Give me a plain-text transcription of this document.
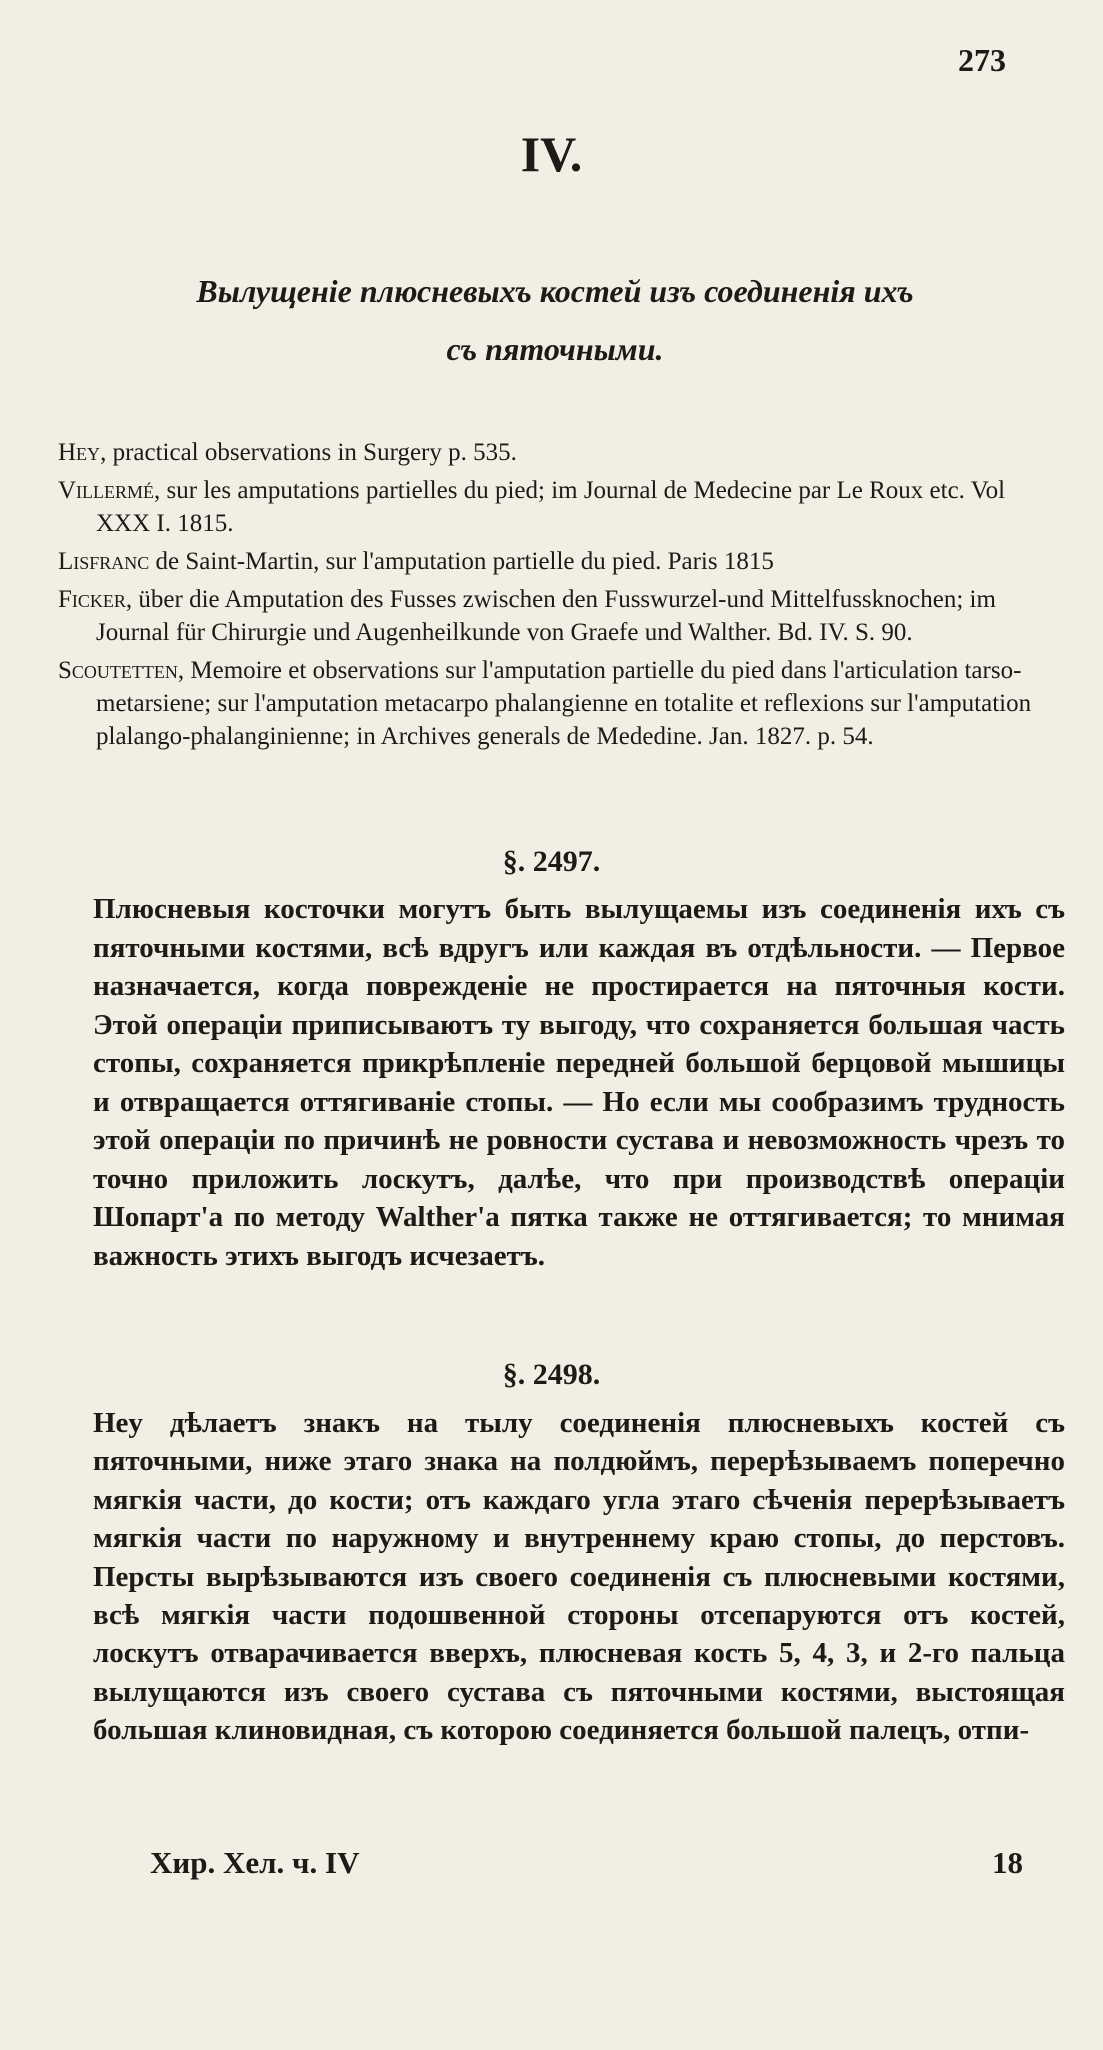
273
IV.
Вылущенiе плюсневыхъ костей изъ соединенiя ихъ
съ пяточными.
Hey, practical observations in Surgery p. 535.
Villermé, sur les amputations partielles du pied; im Journal de Medecine par Le Roux etc. Vol XXX I. 1815.
Lisfranc de Saint-Martin, sur l'amputation partielle du pied. Paris 1815
Ficker, über die Amputation des Fusses zwischen den Fusswurzel-und Mittelfussknochen; im Journal für Chirurgie und Augenheilkunde von Graefe und Walther. Bd. IV. S. 90.
Scoutetten, Memoire et observations sur l'amputation partielle du pied dans l'articulation tarso-metarsiene; sur l'amputation metacarpo phalangienne en totalite et reflexions sur l'amputation plalango-phalanginienne; in Archives generals de Mededine. Jan. 1827. p. 54.
§. 2497.
Плюсневыя косточки могутъ быть вылущаемы изъ соединенiя ихъ съ пяточными костями, всѣ вдругъ или каждая въ отдѣльности. — Первое назначается, когда поврежденiе не простирается на пяточныя кости. Этой операцiи приписываютъ ту выгоду, что сохраняется большая часть стопы, сохраняется прикрѣпленiе передней большой берцовой мышицы и отвращается оттягиванiе стопы. — Но если мы сообразимъ трудность этой операцiи по причинѣ не ровности сустава и невозможность чрезъ то точно приложить лоскутъ, далѣе, что при производствѣ операцiи Шопарт'а по методу Walther'а пятка также не оттягивается; то мнимая важность этихъ выгодъ исчезаетъ.
§. 2498.
Hey дѣлаетъ знакъ на тылу соединенiя плюсневыхъ костей съ пяточными, ниже этаго знака на полдюймъ, перерѣзываемъ поперечно мягкiя части, до кости; отъ каждаго угла этаго сѣченiя перерѣзываетъ мягкiя части по наружному и внутреннему краю стопы, до перстовъ. Персты вырѣзываются изъ своего соединенiя съ плюсневыми костями, всѣ мягкiя части подошвенной стороны отсепаруются отъ костей, лоскутъ отварачивается вверхъ, плюсневая кость 5, 4, 3, и 2-го пальца вылущаются изъ своего сустава съ пяточными костями, выстоящая большая клиновидная, съ которою соединяется большой палецъ, отпи-
Хир. Хел. ч. IV	18
